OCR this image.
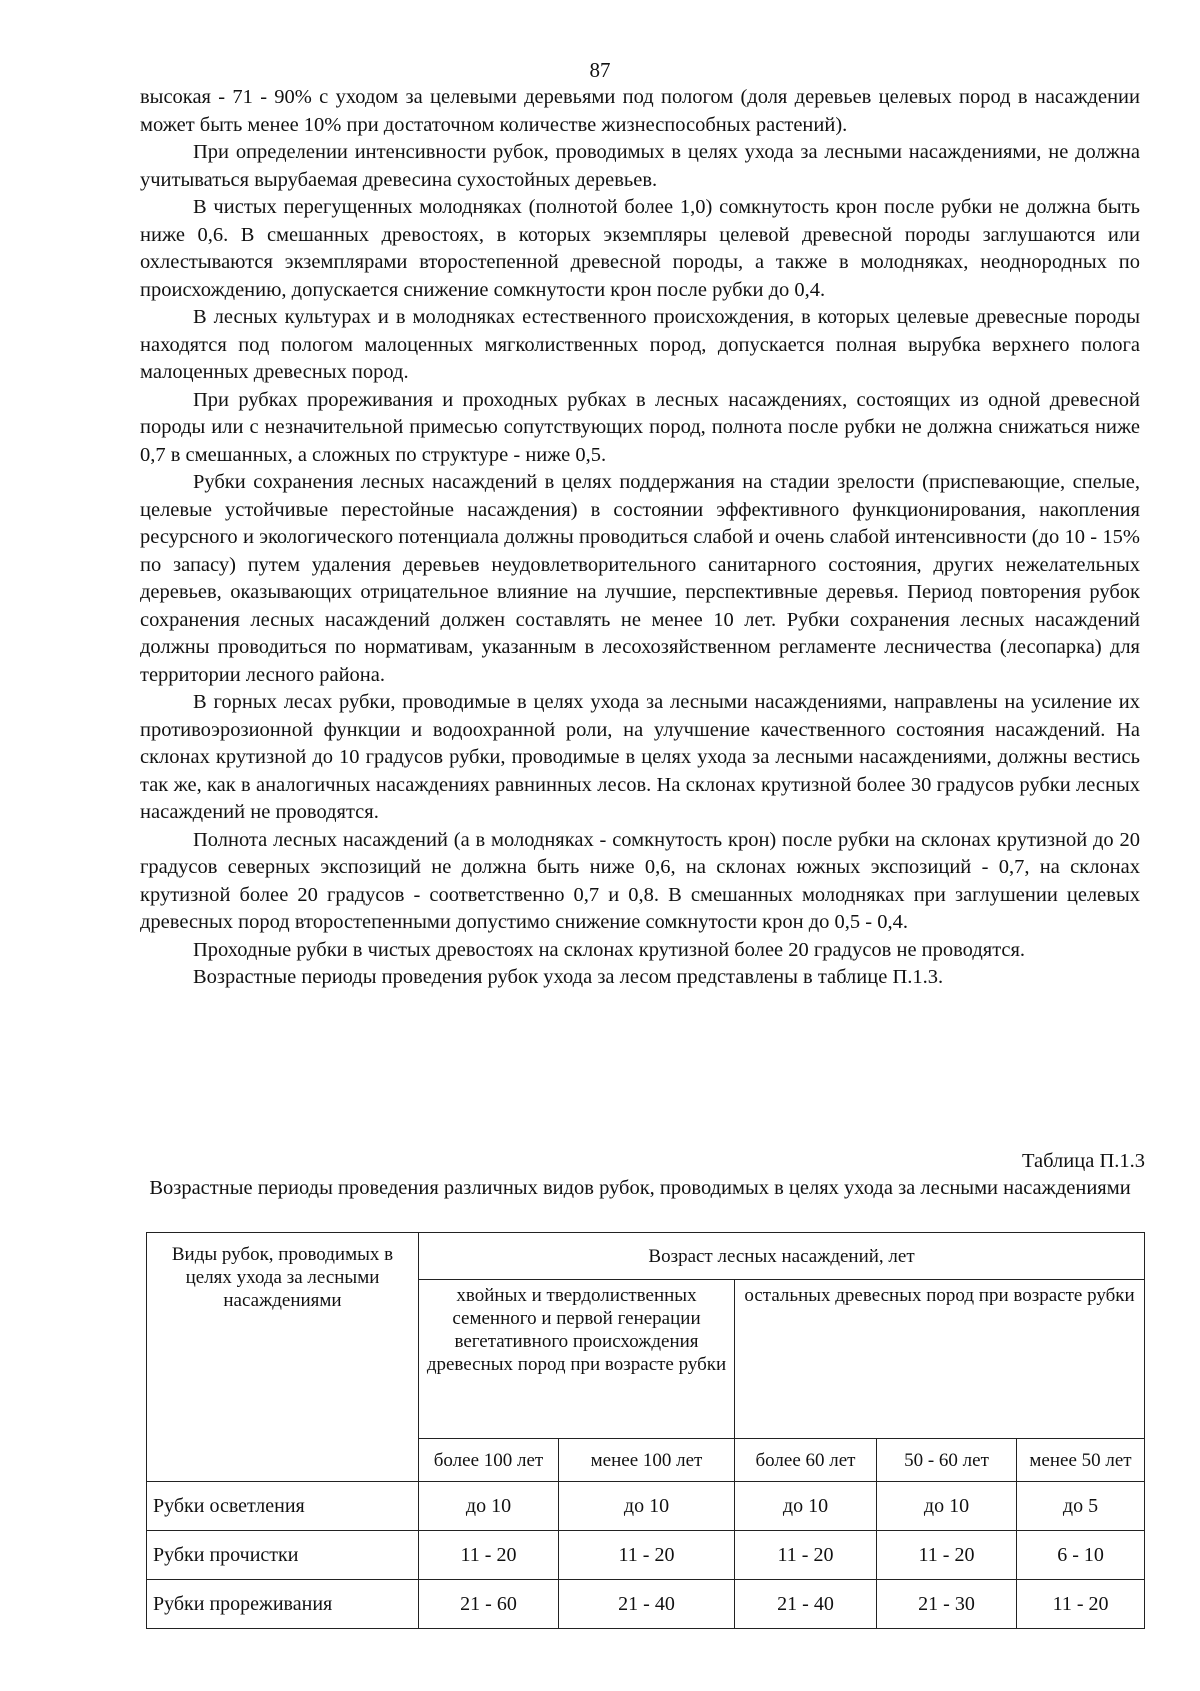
87

высокая - 71 - 90% с уходом за целевыми деревьями под пологом (доля деревьев целевых пород в насаждении может быть менее 10% при достаточном количестве жизнеспособных растений).

При определении интенсивности рубок, проводимых в целях ухода за лесными насаждениями, не должна учитываться вырубаемая древесина сухостойных деревьев.

В чистых перегущенных молодняках (полнотой более 1,0) сомкнутость крон после рубки не должна быть ниже 0,6. В смешанных древостоях, в которых экземпляры целевой древесной породы заглушаются или охлестываются экземплярами второстепенной древесной породы, а также в молодняках, неоднородных по происхождению, допускается снижение сомкнутости крон после рубки до 0,4.

В лесных культурах и в молодняках естественного происхождения, в которых целевые древесные породы находятся под пологом малоценных мягколиственных пород, допускается полная вырубка верхнего полога малоценных древесных пород.

При рубках прореживания и проходных рубках в лесных насаждениях, состоящих из одной древесной породы или с незначительной примесью сопутствующих пород, полнота после рубки не должна снижаться ниже 0,7 в смешанных, а сложных по структуре - ниже 0,5.

Рубки сохранения лесных насаждений в целях поддержания на стадии зрелости (приспевающие, спелые, целевые устойчивые перестойные насаждения) в состоянии эффективного функционирования, накопления ресурсного и экологического потенциала должны проводиться слабой и очень слабой интенсивности (до 10 - 15% по запасу) путем удаления деревьев неудовлетворительного санитарного состояния, других нежелательных деревьев, оказывающих отрицательное влияние на лучшие, перспективные деревья. Период повторения рубок сохранения лесных насаждений должен составлять не менее 10 лет. Рубки сохранения лесных насаждений должны проводиться по нормативам, указанным в лесохозяйственном регламенте лесничества (лесопарка) для территории лесного района.

В горных лесах рубки, проводимые в целях ухода за лесными насаждениями, направлены на усиление их противоэрозионной функции и водоохранной роли, на улучшение качественного состояния насаждений. На склонах крутизной до 10 градусов рубки, проводимые в целях ухода за лесными насаждениями, должны вестись так же, как в аналогичных насаждениях равнинных лесов. На склонах крутизной более 30 градусов рубки лесных насаждений не проводятся.

Полнота лесных насаждений (а в молодняках - сомкнутость крон) после рубки на склонах крутизной до 20 градусов северных экспозиций не должна быть ниже 0,6, на склонах южных экспозиций - 0,7, на склонах крутизной более 20 градусов - соответственно 0,7 и 0,8. В смешанных молодняках при заглушении целевых древесных пород второстепенными допустимо снижение сомкнутости крон до 0,5 - 0,4.

Проходные рубки в чистых древостоях на склонах крутизной более 20 градусов не проводятся.

Возрастные периоды проведения рубок ухода за лесом представлены в таблице П.1.3.

Таблица П.1.3
Возрастные периоды проведения различных видов рубок, проводимых в целях ухода за лесными насаждениями
Виды рубок, проводимых в целях ухода за лесными насаждениями	Возраст лесных насаждений, лет				
	хвойных и твердолиственных семенного и первой генерации вегетативного происхождения древесных пород при возрасте рубки		остальных древесных пород при возрасте рубки		
	более 100 лет	менее 100 лет	более 60 лет	50 - 60 лет	менее 50 лет
Рубки осветления	до 10	до 10	до 10	до 10	до 5
Рубки прочистки	11 - 20	11 - 20	11 - 20	11 - 20	6 - 10
Рубки прореживания	21 - 60	21 - 40	21 - 40	21 - 30	11 - 20
